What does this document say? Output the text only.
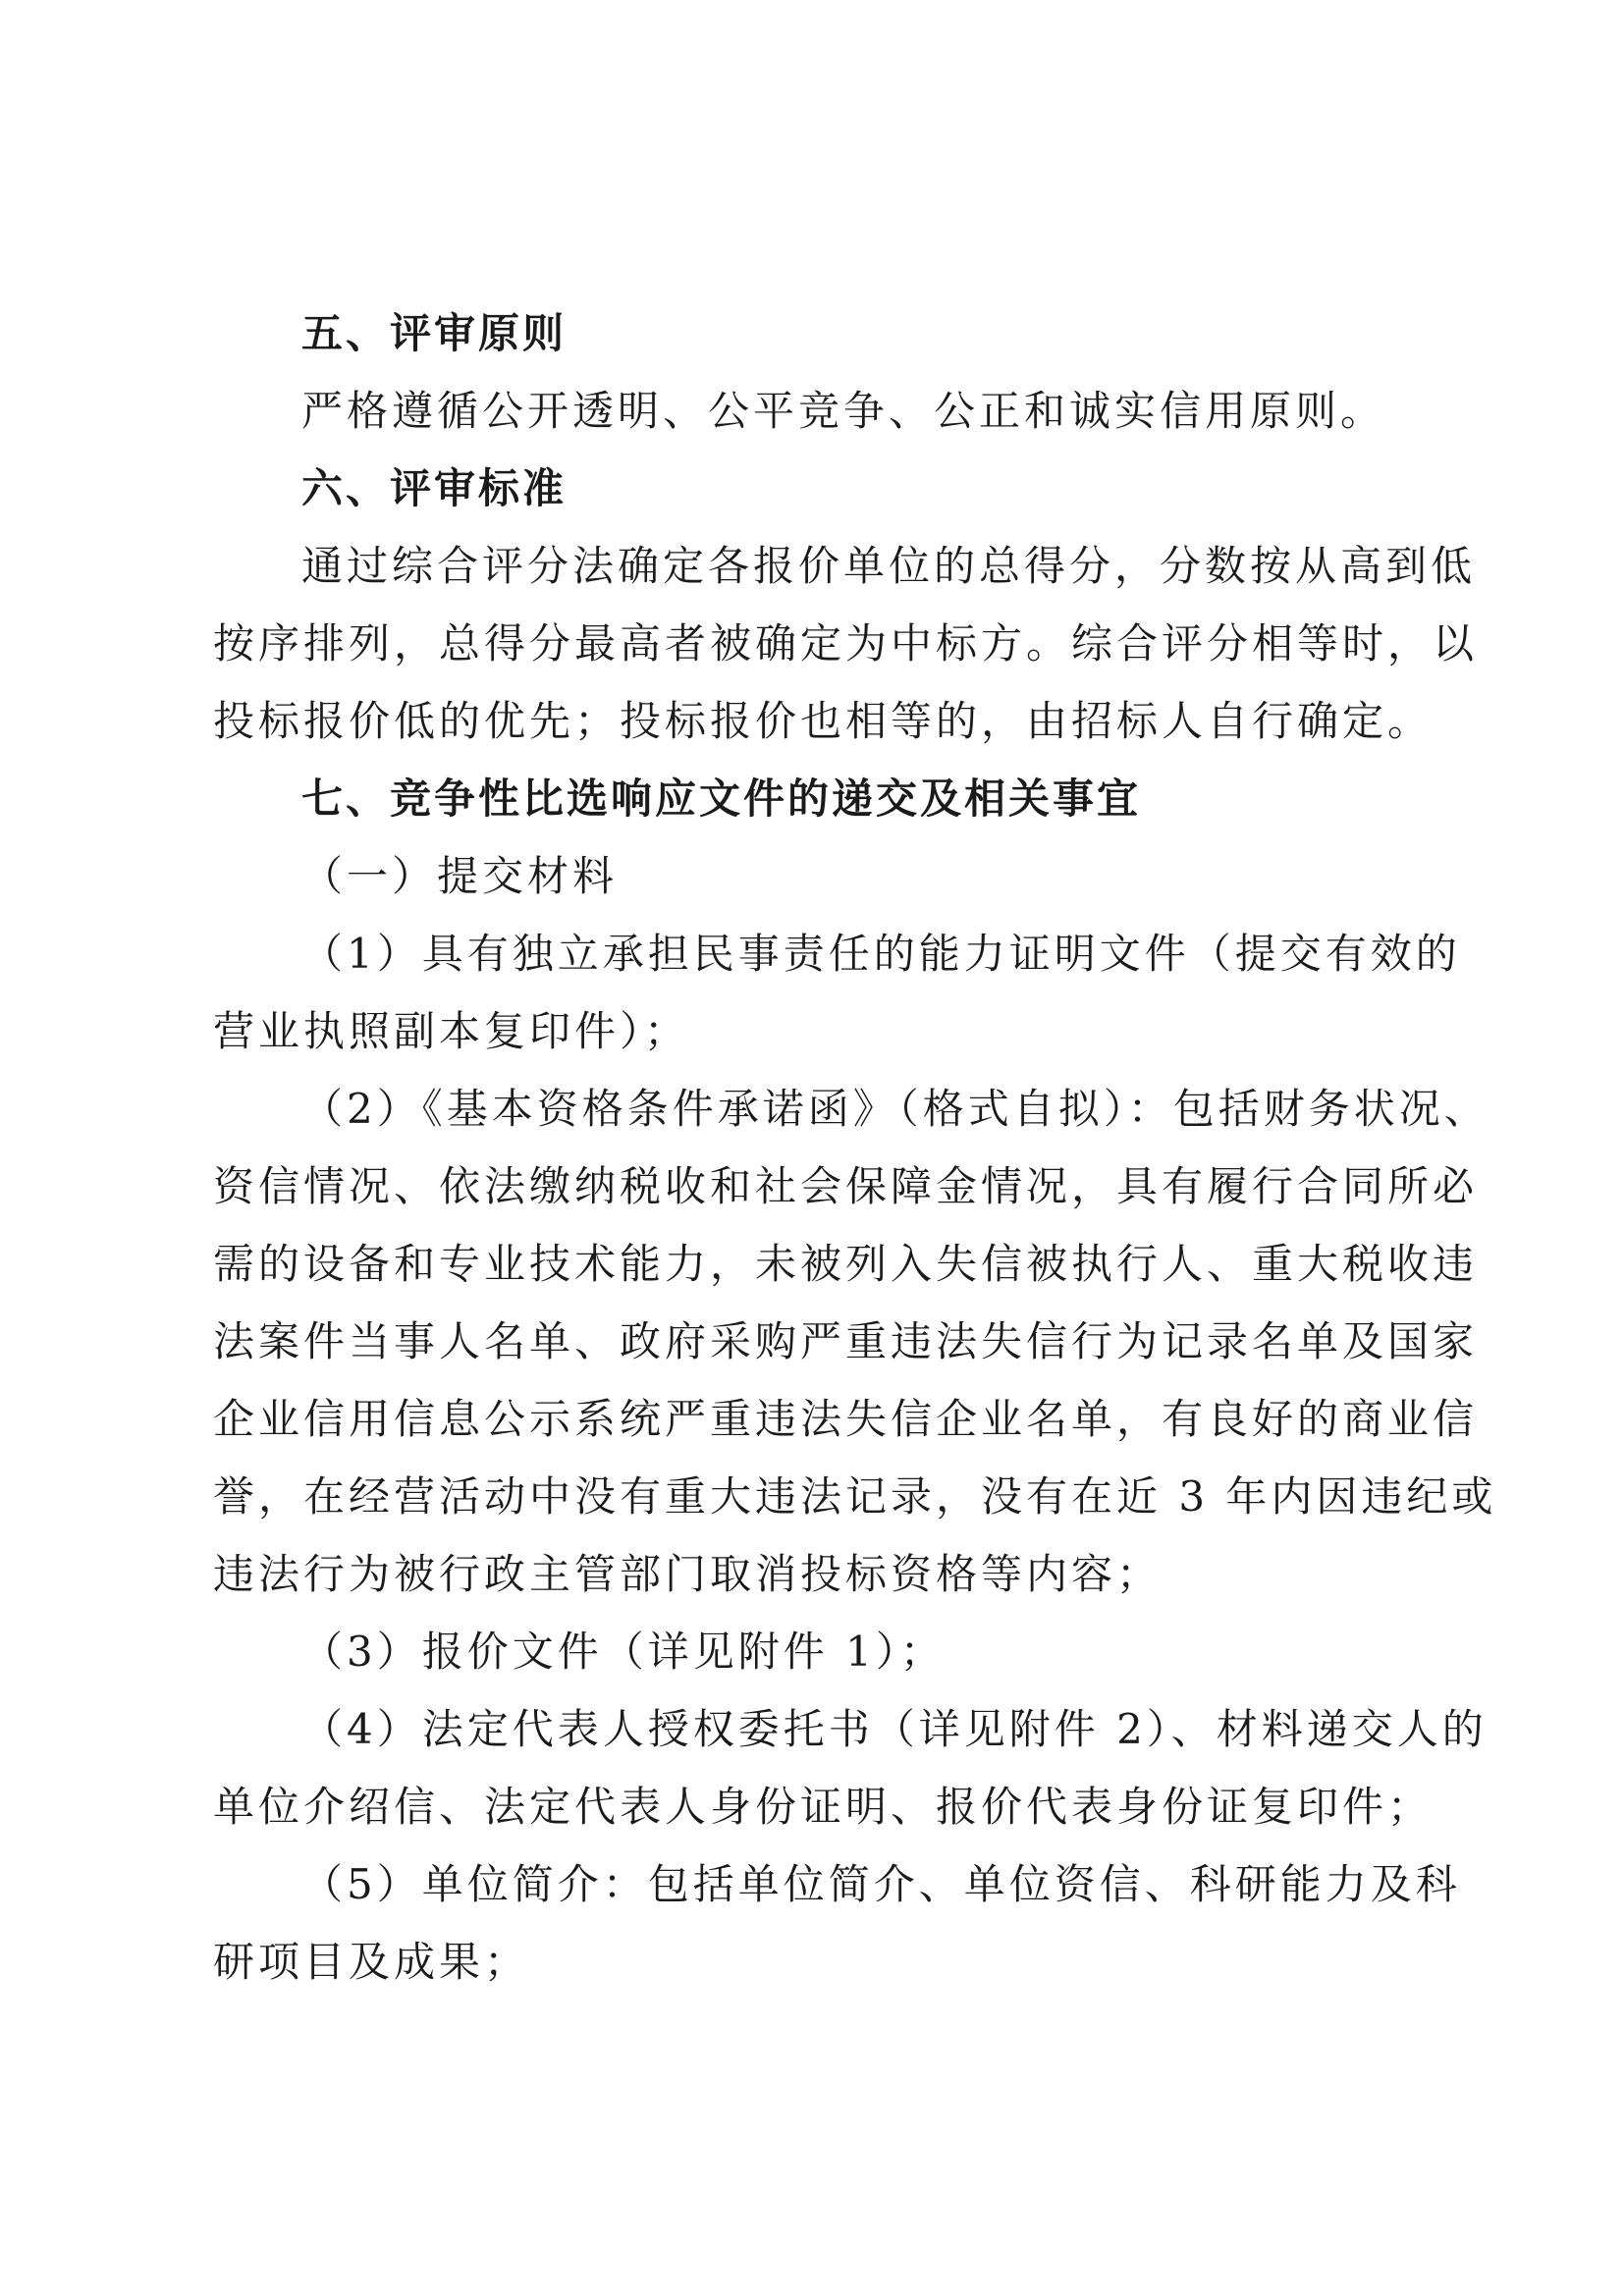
五、评审原则
严格遵循公开透明、公平竞争、公正和诚实信用原则。
六、评审标准
通过综合评分法确定各报价单位的总得分，分数按从高到低
按序排列，总得分最高者被确定为中标方。综合评分相等时，以
投标报价低的优先；投标报价也相等的，由招标人自行确定。
七、竞争性比选响应文件的递交及相关事宜
（一）提交材料
（1）具有独立承担民事责任的能力证明文件（提交有效的
营业执照副本复印件）；
（2）《基本资格条件承诺函》（格式自拟）：包括财务状况、
资信情况、依法缴纳税收和社会保障金情况，具有履行合同所必
需的设备和专业技术能力，未被列入失信被执行人、重大税收违
法案件当事人名单、政府采购严重违法失信行为记录名单及国家
企业信用信息公示系统严重违法失信企业名单，有良好的商业信
誉，在经营活动中没有重大违法记录，没有在近 3 年内因违纪或
违法行为被行政主管部门取消投标资格等内容；
（3）报价文件（详见附件 1）；
（4）法定代表人授权委托书（详见附件 2）、材料递交人的
单位介绍信、法定代表人身份证明、报价代表身份证复印件；
（5）单位简介：包括单位简介、单位资信、科研能力及科
研项目及成果；
